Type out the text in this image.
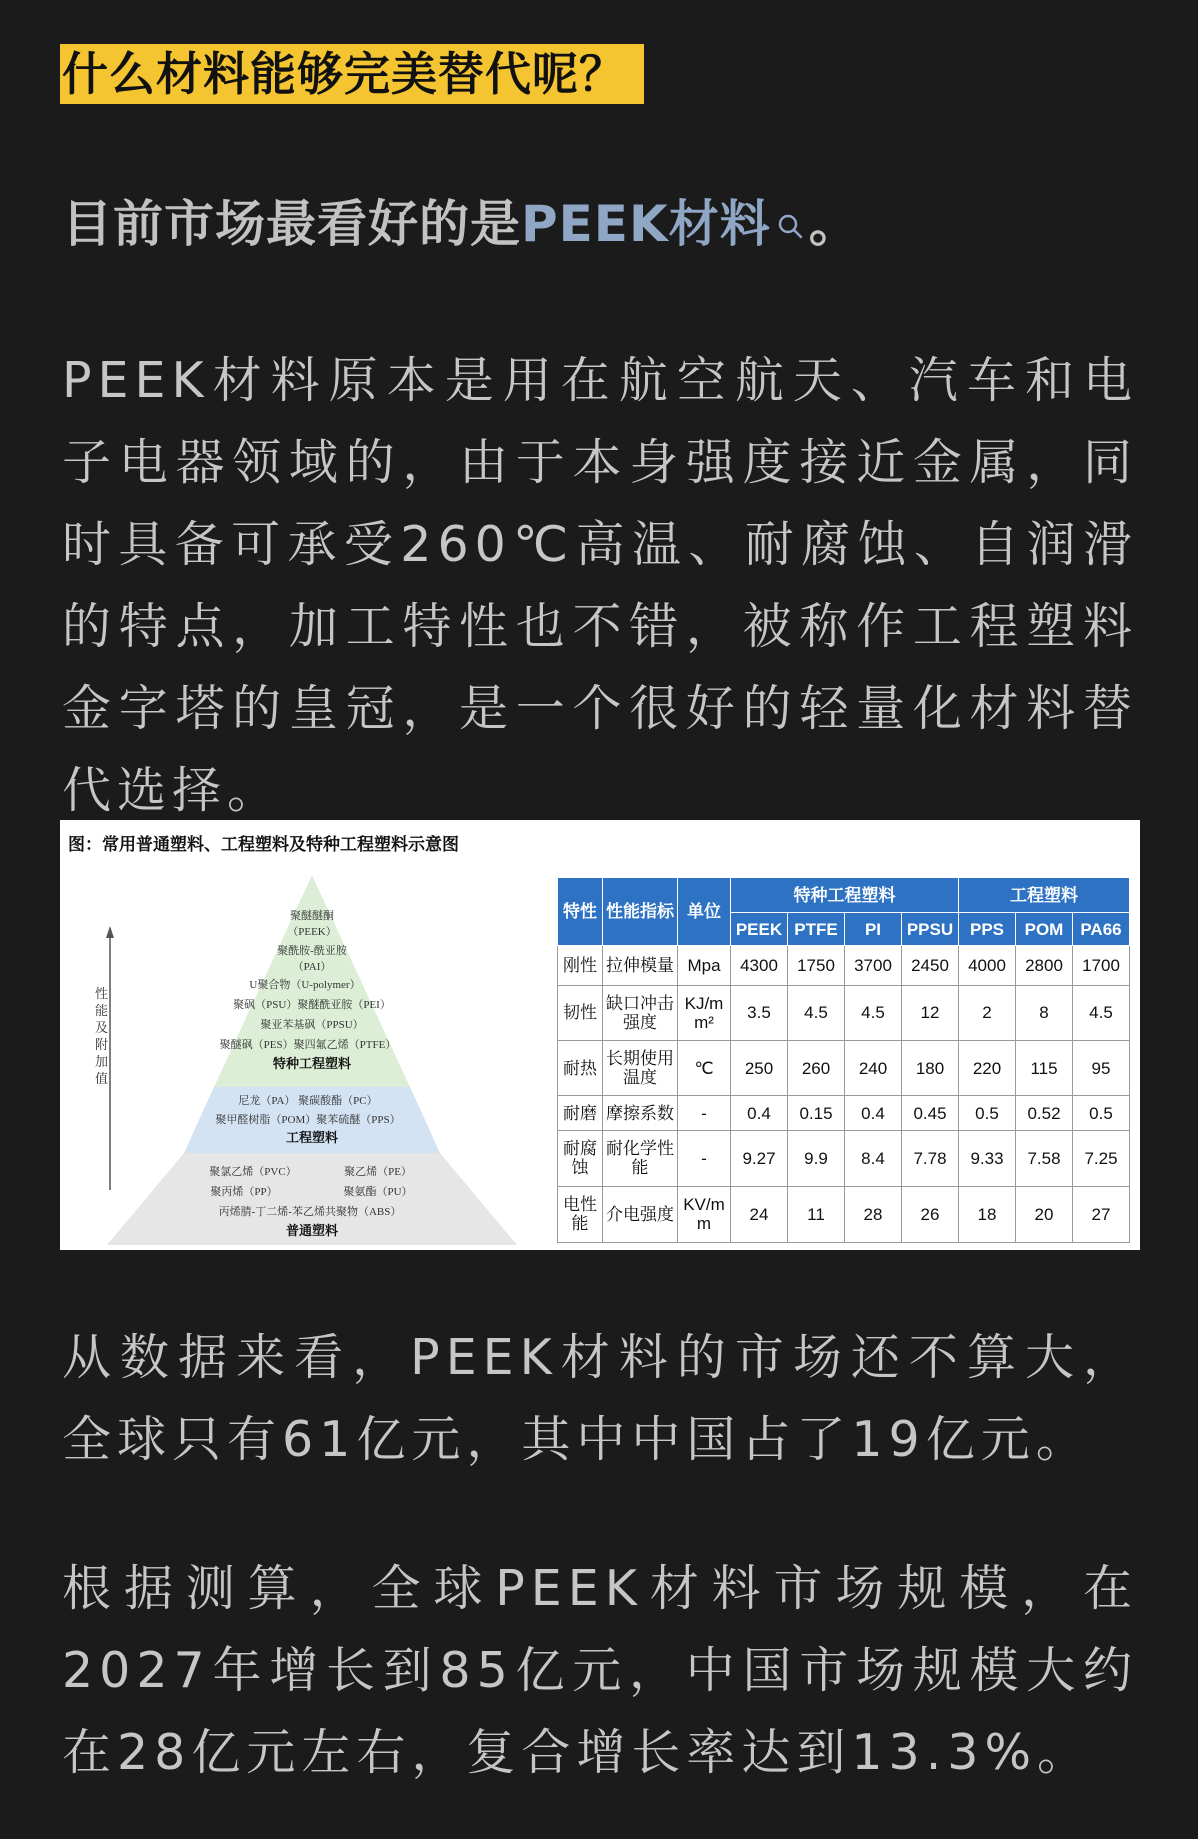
什么材料能够完美替代呢？
目前市场最看好的是PEEK材料 。

PEEK材料原本是用在航空航天、汽车和电子电器领域的，由于本身强度接近金属，同时具备可承受260℃高温、耐腐蚀、自润滑的特点，加工特性也不错，被称作工程塑料金字塔的皇冠，是一个很好的轻量化材料替代选择。

图：常用普通塑料、工程塑料及特种工程塑料示意图
性能及附加值
聚醚醚酮
（PEEK）
聚酰胺-酰亚胺
（PAI）
U聚合物（U-polymer）
聚砜（PSU）聚醚酰亚胺（PEI）
聚亚苯基砜（PPSU）
聚醚砜（PES）聚四氟乙烯（PTFE）
特种工程塑料
尼龙（PA） 聚碳酸酯（PC）
聚甲醛树脂（POM）聚苯硫醚（PPS）
工程塑料
聚氯乙烯（PVC）	聚乙烯（PE）
聚丙烯（PP）	聚氨酯（PU）
丙烯腈-丁二烯-苯乙烯共聚物（ABS）
普通塑料
特性	性能指标	单位	特种工程塑料				工程塑料		
			PEEK	PTFE	PI	PPSU	PPS	POM	PA66
刚性	拉伸模量	Mpa	4300	1750	3700	2450	4000	2800	1700
韧性	缺口冲击强度	KJ/m m²	3.5	4.5	4.5	12	2	8	4.5
耐热	长期使用温度	℃	250	260	240	180	220	115	95
耐磨	摩擦系数	-	0.4	0.15	0.4	0.45	0.5	0.52	0.5
耐腐蚀	耐化学性能	-	9.27	9.9	8.4	7.78	9.33	7.58	7.25
电性能	介电强度	KV/m m	24	11	28	26	18	20	27

从数据来看，PEEK材料的市场还不算大，全球只有61亿元，其中中国占了19亿元。

根据测算，全球PEEK材料市场规模，在2027年增长到85亿元，中国市场规模大约在28亿元左右，复合增长率达到13.3%。
